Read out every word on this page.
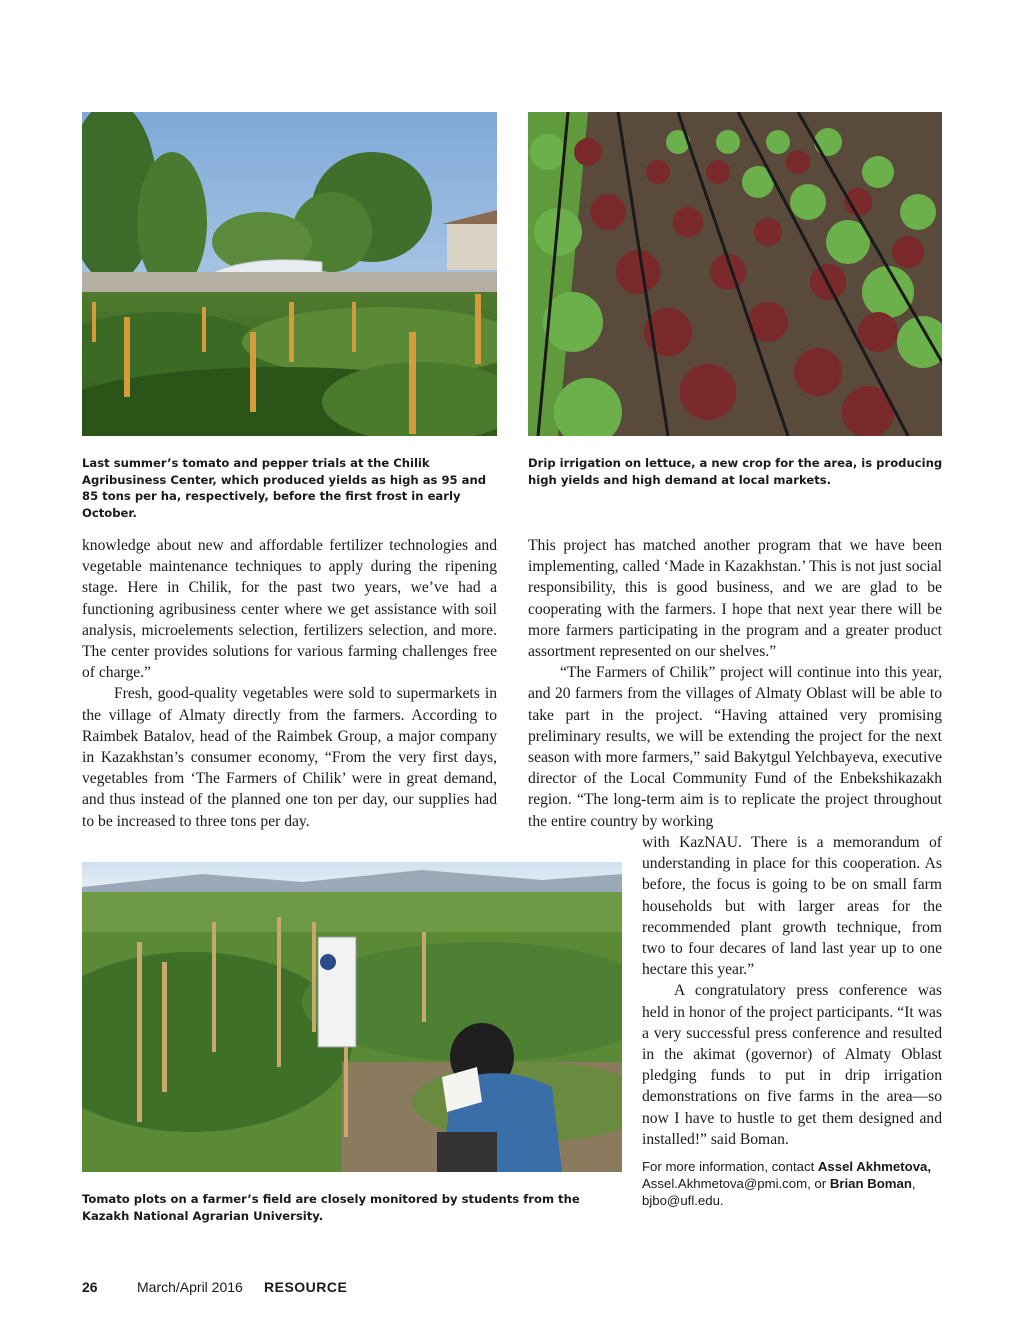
Last summer’s tomato and pepper trials at the Chilik Agribusiness Center, which produced yields as high as 95 and 85 tons per ha, respectively, before the first frost in early October.
Drip irrigation on lettuce, a new crop for the area, is producing high yields and high demand at local markets.

knowledge about new and affordable fertilizer technologies and vegetable maintenance techniques to apply during the ripening stage. Here in Chilik, for the past two years, we’ve had a functioning agribusiness center where we get assistance with soil analysis, microelements selection, fertilizers selection, and more. The center provides solutions for various farming challenges free of charge.”

Fresh, good-quality vegetables were sold to supermarkets in the village of Almaty directly from the farmers. According to Raimbek Batalov, head of the Raimbek Group, a major company in Kazakhstan’s consumer economy, “From the very first days, vegetables from ‘The Farmers of Chilik’ were in great demand, and thus instead of the planned one ton per day, our supplies had to be increased to three tons per day.

This project has matched another program that we have been implementing, called ‘Made in Kazakhstan.’ This is not just social responsibility, this is good business, and we are glad to be cooperating with the farmers. I hope that next year there will be more farmers participating in the program and a greater product assortment represented on our shelves.”

“The Farmers of Chilik” project will continue into this year, and 20 farmers from the villages of Almaty Oblast will be able to take part in the project. “Having attained very promising preliminary results, we will be extending the project for the next season with more farmers,” said Bakytgul Yelchbayeva, executive director of the Local Community Fund of the Enbekshikazakh region. “The long-term aim is to replicate the project throughout the entire country by working

with KazNAU. There is a memorandum of understanding in place for this cooperation. As before, the focus is going to be on small farm households but with larger areas for the recommended plant growth technique, from two to four decares of land last year up to one hectare this year.”

A congratulatory press conference was held in honor of the project participants. “It was a very successful press conference and resulted in the akimat (governor) of Almaty Oblast pledging funds to put in drip irrigation demonstrations on five farms in the area—so now I have to hustle to get them designed and installed!” said Boman.

Tomato plots on a farmer’s field are closely monitored by students from the Kazakh National Agrarian University.
For more information, contact Assel Akhmetova, Assel.Akhmetova@pmi.com, or Brian Boman, bjbo@ufl.edu.
26	March/April 2016 RESOURCE
